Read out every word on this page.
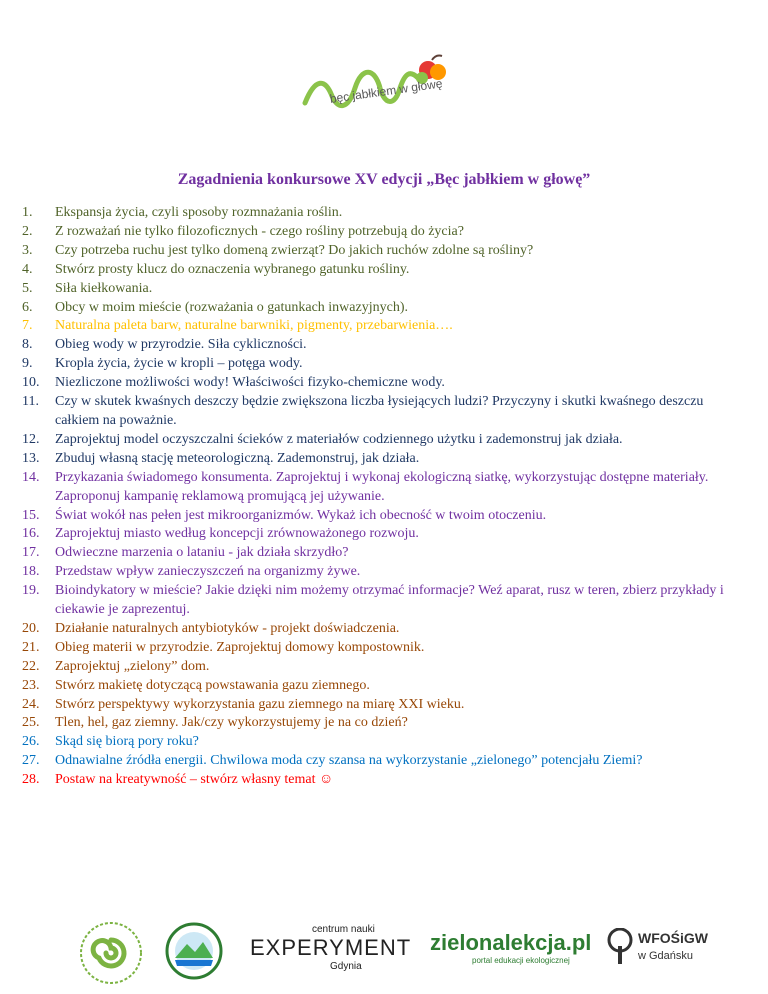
bęc jabłkiem w głowę
Zagadnienia konkursowe XV edycji „Bęc jabłkiem w głowę”
1. Ekspansja życia, czyli sposoby rozmnażania roślin.
2. Z rozważań nie tylko filozoficznych - czego rośliny potrzebują do życia?
3. Czy potrzeba ruchu jest tylko domeną zwierząt? Do jakich ruchów zdolne są rośliny?
4. Stwórz prosty klucz do oznaczenia wybranego gatunku rośliny.
5. Siła kiełkowania.
6. Obcy w moim mieście (rozważania o gatunkach inwazyjnych).
7. Naturalna paleta barw, naturalne barwniki, pigmenty, przebarwienia….
8. Obieg wody w przyrodzie. Siła cykliczności.
9. Kropla życia, życie w kropli – potęga wody.
10. Niezliczone możliwości wody! Właściwości fizyko-chemiczne wody.
11. Czy w skutek kwaśnych deszczy będzie zwiększona liczba łysiejących ludzi? Przyczyny i skutki kwaśnego deszczu całkiem na poważnie.
12. Zaprojektuj model oczyszczalni ścieków z materiałów codziennego użytku i zademonstruj jak działa.
13. Zbuduj własną stację meteorologiczną. Zademonstruj, jak działa.
14. Przykazania świadomego konsumenta. Zaprojektuj i wykonaj ekologiczną siatkę, wykorzystując dostępne materiały. Zaproponuj kampanię reklamową promującą jej używanie.
15. Świat wokół nas pełen jest mikroorganizmów. Wykaż ich obecność w twoim otoczeniu.
16. Zaprojektuj miasto według koncepcji zrównoważonego rozwoju.
17. Odwieczne marzenia o lataniu - jak działa skrzydło?
18. Przedstaw wpływ zanieczyszczeń na organizmy żywe.
19. Bioindykatory w mieście? Jakie dzięki nim możemy otrzymać informacje? Weź aparat, rusz w teren, zbierz przykłady i ciekawie je zaprezentuj.
20. Działanie naturalnych antybiotyków - projekt doświadczenia.
21. Obieg materii w przyrodzie. Zaprojektuj domowy kompostownik.
22. Zaprojektuj „zielony” dom.
23. Stwórz makietę dotyczącą powstawania gazu ziemnego.
24. Stwórz perspektywy wykorzystania gazu ziemnego na miarę XXI wieku.
25. Tlen, hel, gaz ziemny. Jak/czy wykorzystujemy je na co dzień?
26. Skąd się biorą pory roku?
27. Odnawialne źródła energii. Chwilowa moda czy szansa na wykorzystanie „zielonego” potencjału Ziemi?
28. Postaw na kreatywność – stwórz własny temat ☺
centrum nauki
EXPERYMENT
Gdynia
zielonalekcja.pl
portal edukacji ekologicznej
WFOŚiGW
w Gdańsku
